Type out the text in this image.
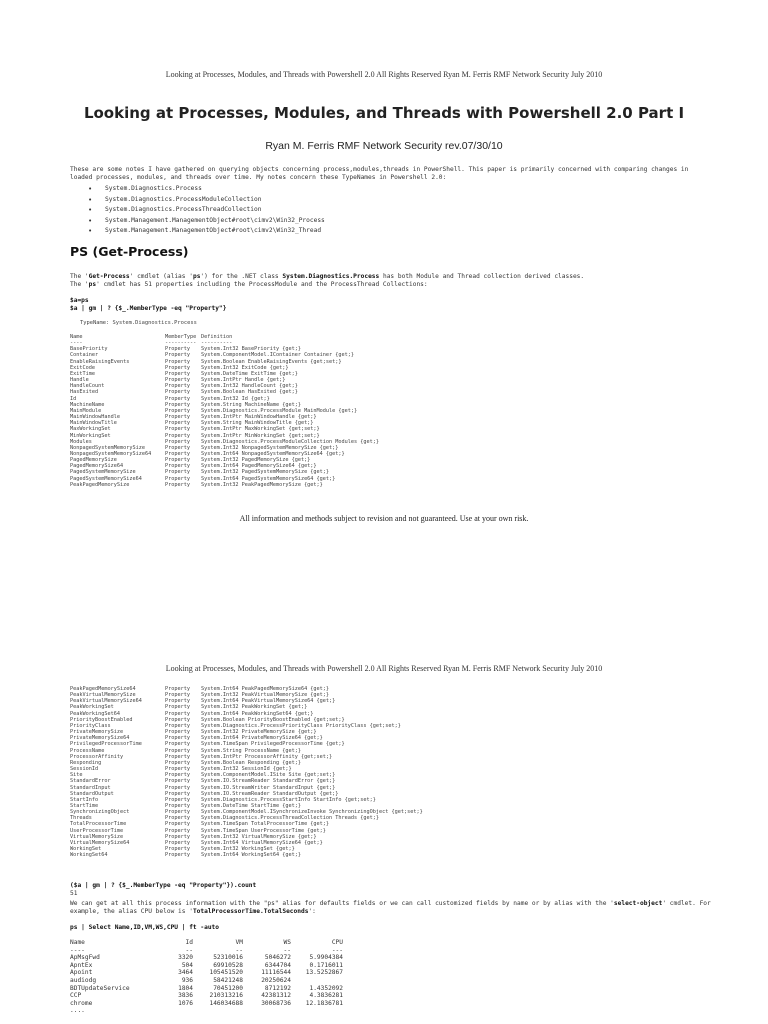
Looking at Processes, Modules, and Threads with Powershell 2.0 All Rights Reserved Ryan M. Ferris RMF Network Security July 2010
Looking at Processes, Modules, and Threads with Powershell 2.0 Part I
Ryan M. Ferris RMF Network Security rev.07/30/10
These are some notes I have gathered on querying objects concerning process,modules,threads in PowerShell. This paper is primarily concerned with comparing changes in loaded processes, modules, and threads over time. My notes concern these TypeNames in Powershell 2.0:
• System.Diagnostics.Process
• System.Diagnostics.ProcessModuleCollection
• System.Diagnostics.ProcessThreadCollection
• System.Management.ManagementObject#root\cimv2\Win32_Process
• System.Management.ManagementObject#root\cimv2\Win32_Thread
PS (Get-Process)
The 'Get-Process' cmdlet (alias 'ps') for the .NET class System.Diagnostics.Process has both Module and Thread collection derived classes.
The 'ps' cmdlet has 51 properties including the ProcessModule and the ProcessThread Collections:
$a=ps
$a | gm | ? {$_.MemberType -eq "Property"}
TypeName: System.Diagnostics.Process
Name	MemberType	Definition
----	----------	----------
BasePriority	Property	System.Int32 BasePriority {get;}
Container	Property	System.ComponentModel.IContainer Container {get;}
EnableRaisingEvents	Property	System.Boolean EnableRaisingEvents {get;set;}
ExitCode	Property	System.Int32 ExitCode {get;}
ExitTime	Property	System.DateTime ExitTime {get;}
Handle	Property	System.IntPtr Handle {get;}
HandleCount	Property	System.Int32 HandleCount {get;}
HasExited	Property	System.Boolean HasExited {get;}
Id	Property	System.Int32 Id {get;}
MachineName	Property	System.String MachineName {get;}
MainModule	Property	System.Diagnostics.ProcessModule MainModule {get;}
MainWindowHandle	Property	System.IntPtr MainWindowHandle {get;}
MainWindowTitle	Property	System.String MainWindowTitle {get;}
MaxWorkingSet	Property	System.IntPtr MaxWorkingSet {get;set;}
MinWorkingSet	Property	System.IntPtr MinWorkingSet {get;set;}
Modules	Property	System.Diagnostics.ProcessModuleCollection Modules {get;}
NonpagedSystemMemorySize	Property	System.Int32 NonpagedSystemMemorySize {get;}
NonpagedSystemMemorySize64	Property	System.Int64 NonpagedSystemMemorySize64 {get;}
PagedMemorySize	Property	System.Int32 PagedMemorySize {get;}
PagedMemorySize64	Property	System.Int64 PagedMemorySize64 {get;}
PagedSystemMemorySize	Property	System.Int32 PagedSystemMemorySize {get;}
PagedSystemMemorySize64	Property	System.Int64 PagedSystemMemorySize64 {get;}
PeakPagedMemorySize	Property	System.Int32 PeakPagedMemorySize {get;}
All information and methods subject to revision and not guaranteed. Use at your own risk.
Looking at Processes, Modules, and Threads with Powershell 2.0 All Rights Reserved Ryan M. Ferris RMF Network Security July 2010
PeakPagedMemorySize64	Property	System.Int64 PeakPagedMemorySize64 {get;}
PeakVirtualMemorySize	Property	System.Int32 PeakVirtualMemorySize {get;}
PeakVirtualMemorySize64	Property	System.Int64 PeakVirtualMemorySize64 {get;}
PeakWorkingSet	Property	System.Int32 PeakWorkingSet {get;}
PeakWorkingSet64	Property	System.Int64 PeakWorkingSet64 {get;}
PriorityBoostEnabled	Property	System.Boolean PriorityBoostEnabled {get;set;}
PriorityClass	Property	System.Diagnostics.ProcessPriorityClass PriorityClass {get;set;}
PrivateMemorySize	Property	System.Int32 PrivateMemorySize {get;}
PrivateMemorySize64	Property	System.Int64 PrivateMemorySize64 {get;}
PrivilegedProcessorTime	Property	System.TimeSpan PrivilegedProcessorTime {get;}
ProcessName	Property	System.String ProcessName {get;}
ProcessorAffinity	Property	System.IntPtr ProcessorAffinity {get;set;}
Responding	Property	System.Boolean Responding {get;}
SessionId	Property	System.Int32 SessionId {get;}
Site	Property	System.ComponentModel.ISite Site {get;set;}
StandardError	Property	System.IO.StreamReader StandardError {get;}
StandardInput	Property	System.IO.StreamWriter StandardInput {get;}
StandardOutput	Property	System.IO.StreamReader StandardOutput {get;}
StartInfo	Property	System.Diagnostics.ProcessStartInfo StartInfo {get;set;}
StartTime	Property	System.DateTime StartTime {get;}
SynchronizingObject	Property	System.ComponentModel.ISynchronizeInvoke SynchronizingObject {get;set;}
Threads	Property	System.Diagnostics.ProcessThreadCollection Threads {get;}
TotalProcessorTime	Property	System.TimeSpan TotalProcessorTime {get;}
UserProcessorTime	Property	System.TimeSpan UserProcessorTime {get;}
VirtualMemorySize	Property	System.Int32 VirtualMemorySize {get;}
VirtualMemorySize64	Property	System.Int64 VirtualMemorySize64 {get;}
WorkingSet	Property	System.Int32 WorkingSet {get;}
WorkingSet64	Property	System.Int64 WorkingSet64 {get;}
($a | gm | ? {$_.MemberType -eq "Property"}).count
51
We can get at all this process information with the "ps" alias for defaults fields or we can call customized fields by name or by alias with the 'select-object' cmdlet. For example, the alias CPU below is 'TotalProcessorTime.TotalSeconds':
ps | Select Name,ID,VM,WS,CPU | ft -auto
Name	Id	VM	WS	CPU
----	--	--	--	---
ApMsgFwd	3320	52310016	5046272	5.9904384
ApntEx	504	69910528	6344704	0.1716011
Apoint	3464	105451520	11116544	13.5252867
audiodg	936	58421248	20250624	
BDTUpdateService	1804	70451200	8712192	1.4352092
CCP	3836	210313216	42381312	4.3836281
chrome	1076	146034688	30068736	12.1836781
....				
